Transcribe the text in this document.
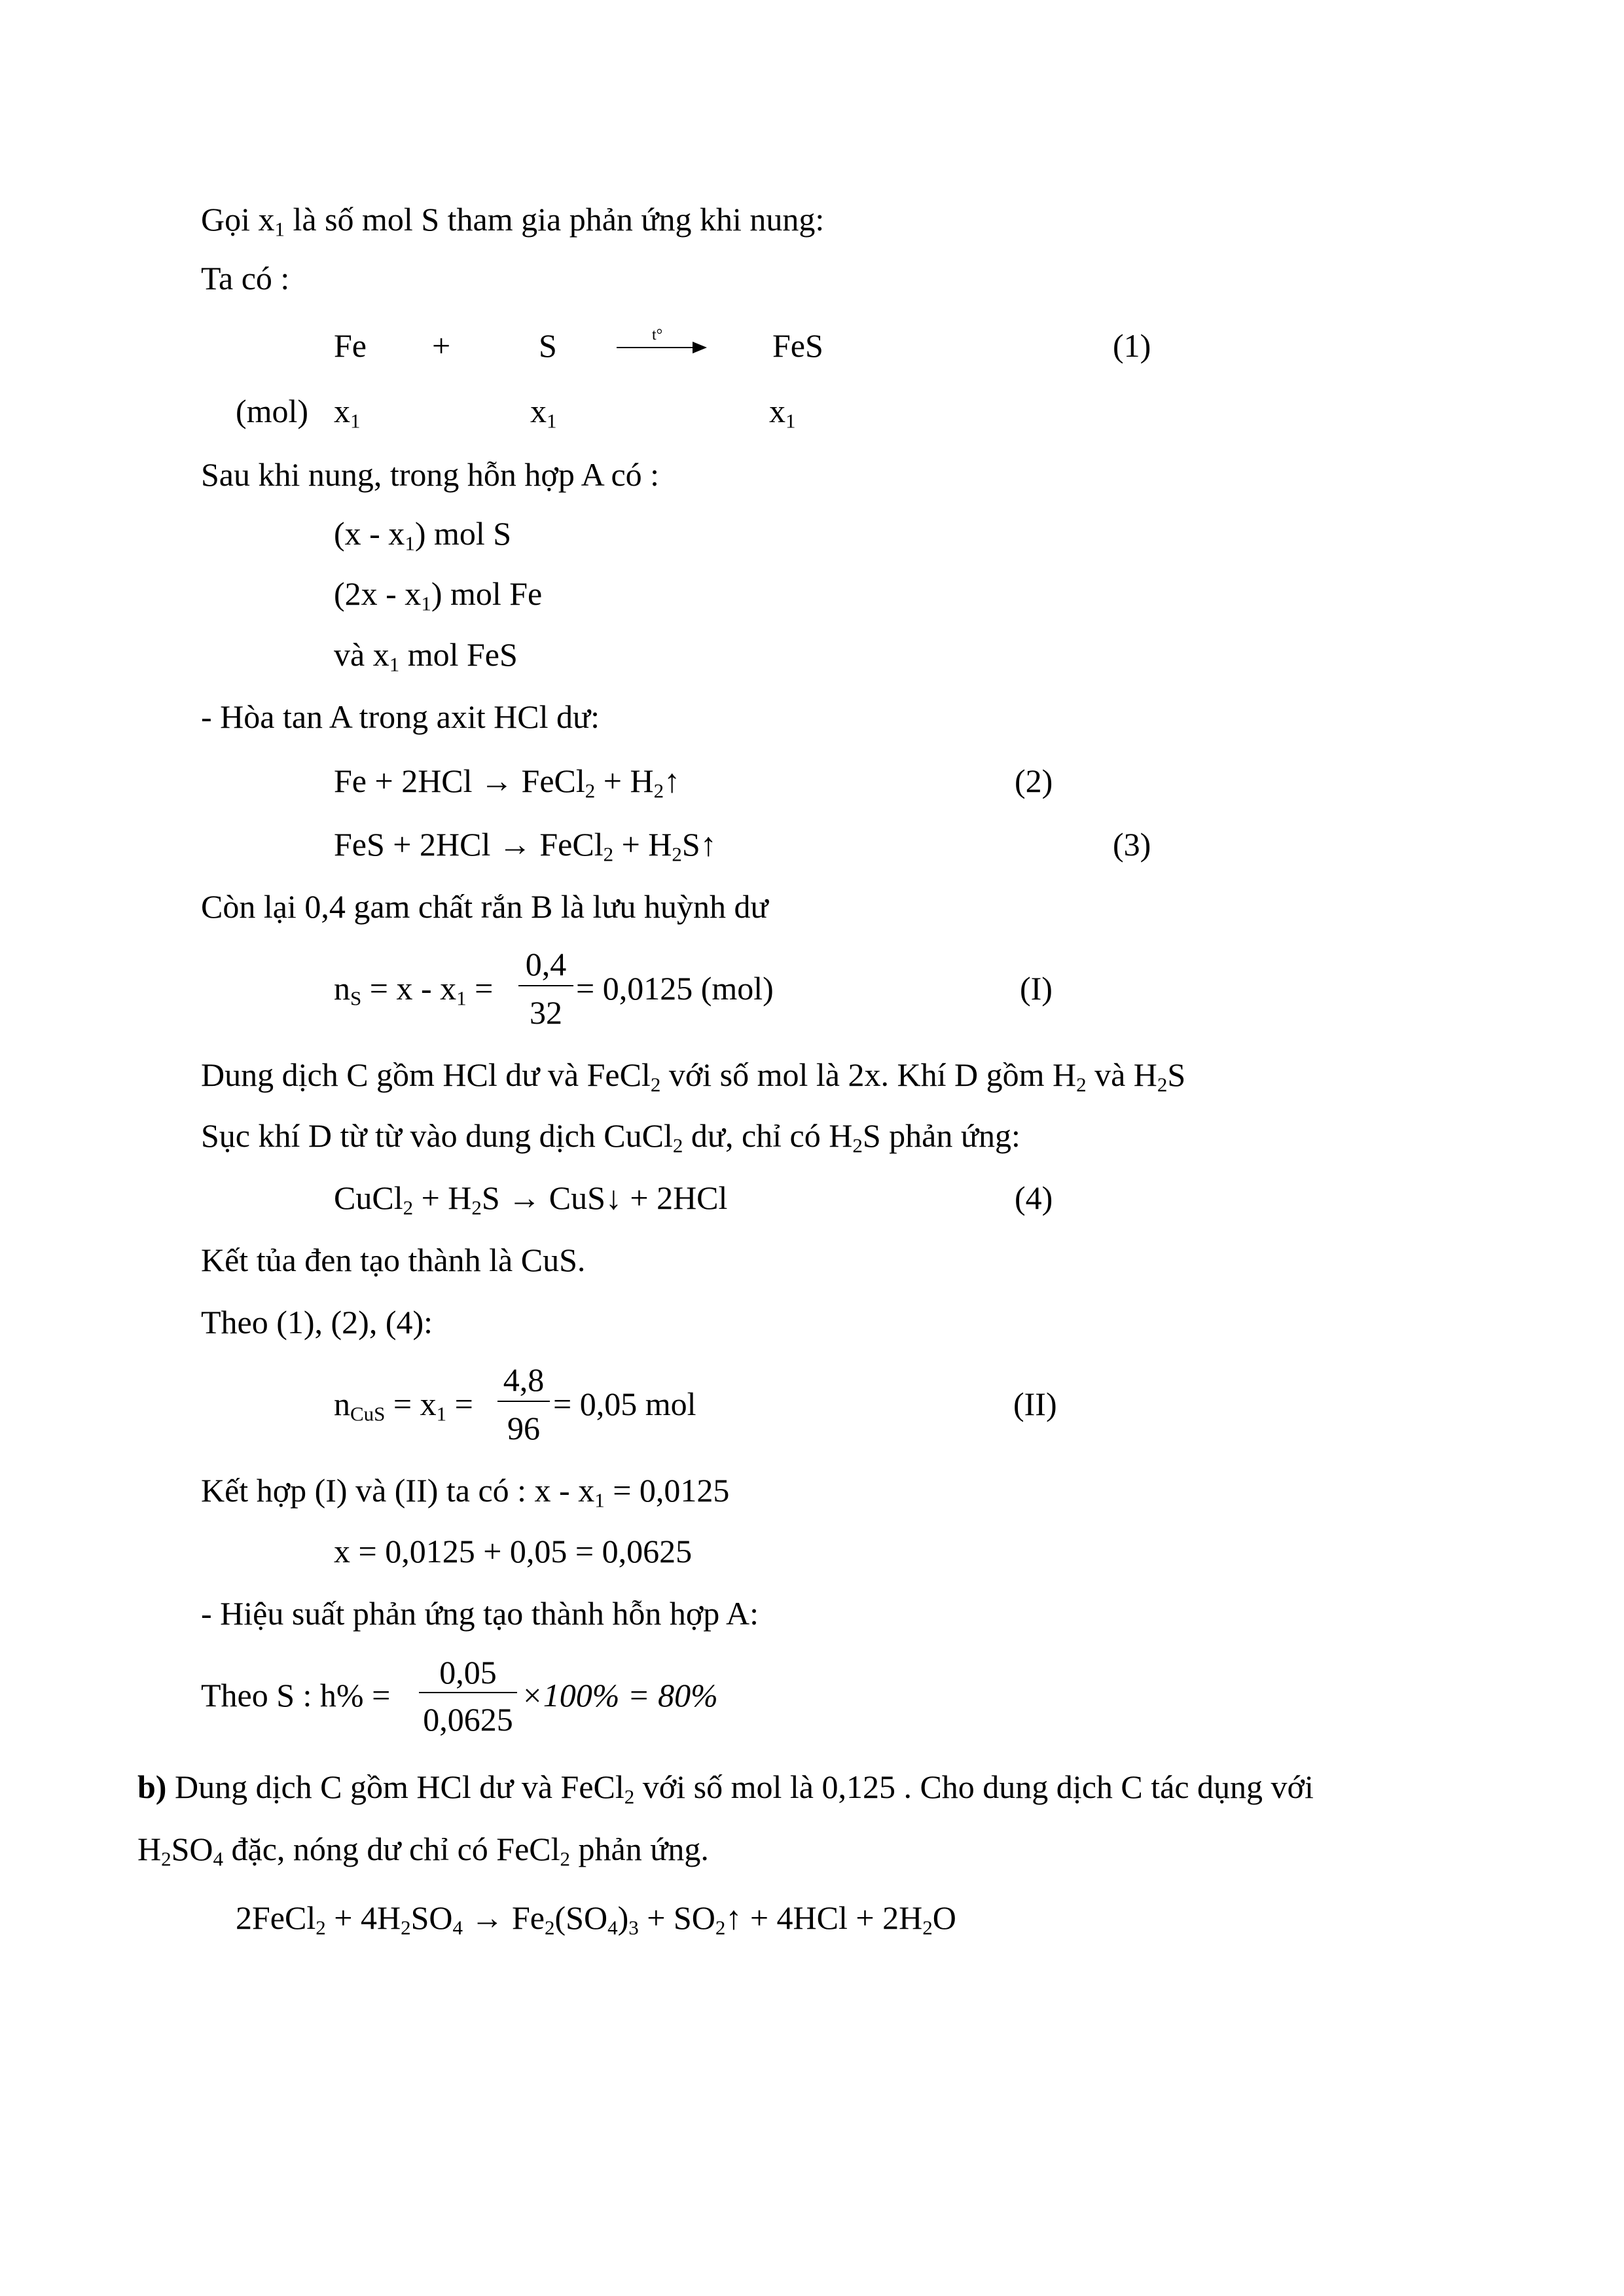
Gọi $x_1$ là số mol S tham gia phản ứng khi nung:
Ta có :
Fe +	S	t°	FeS	(1)
(mol) $x_1$	$x_1$	$x_1$
Sau khi nung, trong hỗn hợp A có :
$(x - x_1)$ mol S
$(2x - x_1)$ mol Fe
và $x_1$ mol FeS
- Hòa tan A trong axit HCl dư:
Fe + 2HCl → FeCl$_2$ + $H_2↑$	(2)
FeS + 2HCl → FeCl$_2$ + $H_2S↑$	(3)
Còn lại 0,4 gam chất rắn B là lưu huỳnh dư
$n_S = x - x_1$ =
0,4
32
= 0,0125 (mol)	(I)
Dung dịch C gồm HCl dư và FeCl$_2$ với số mol là 2x. Khí D gồm $H_2$ và $H_2S$
Sục khí D từ từ vào dung dịch CuCl$_2$ dư, chỉ có $H_2S$ phản ứng:
CuCl$_2$ + $H_2S$ → CuS↓ + 2HCl	(4)
Kết tủa đen tạo thành là CuS.
Theo (1), (2), (4):
$n_{CuS} = x_1$ =
4,8
96
= 0,05 mol	(II)
Kết hợp (I) và (II) ta có : $x - x_1 = 0,0125$
x = 0,0125 + 0,05 = 0,0625
- Hiệu suất phản ứng tạo thành hỗn hợp A:
Theo S : h% =
0,05
0,0625
×100% = 80%
b) Dung dịch C gồm HCl dư và FeCl$_2$ với số mol là 0,125 . Cho dung dịch C tác dụng với
$H_2SO_4$ đặc, nóng dư chỉ có FeCl$_2$ phản ứng.
2FeCl$_2$ + $4H_2SO_4 \to Fe_2(SO_4)_3$ + $SO_2↑ + 4HCl + 2H_2O$
